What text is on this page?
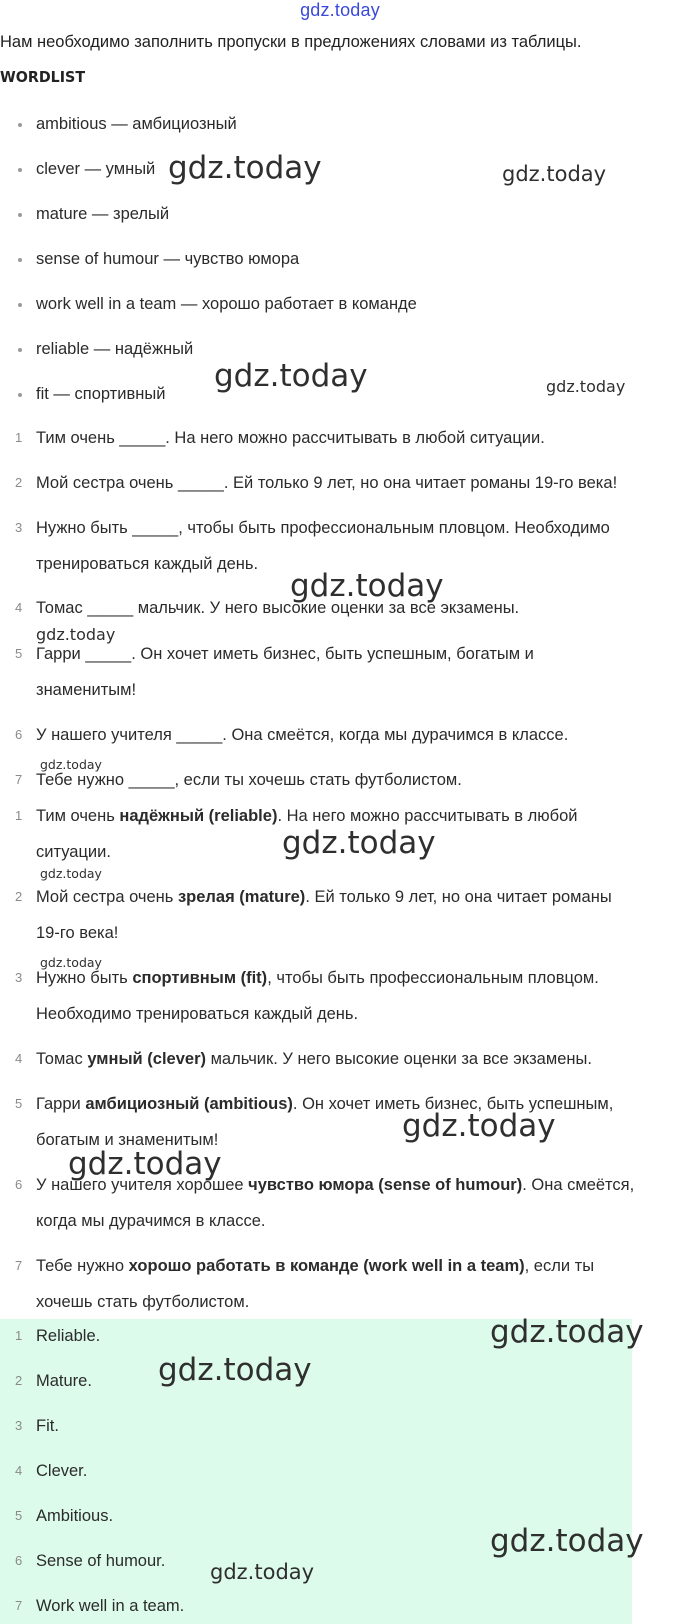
gdz.today
Нам необходимо заполнить пропуски в предложениях словами из таблицы.
WORDLIST
ambitious — амбициозный
clever — умный
mature — зрелый
sense of humour — чувство юмора
work well in a team — хорошо работает в команде
reliable — надёжный
fit — спортивный
1 Тим очень _____. На него можно рассчитывать в любой ситуации.
2 Мой сестра очень _____. Ей только 9 лет, но она читает романы 19-го века!
3 Нужно быть _____, чтобы быть профессиональным пловцом. Необходимо
тренироваться каждый день.
4 Томас _____ мальчик. У него высокие оценки за все экзамены.
5 Гарри _____. Он хочет иметь бизнес, быть успешным, богатым и
знаменитым!
6 У нашего учителя _____. Она смеётся, когда мы дурачимся в классе.
7 Тебе нужно _____, если ты хочешь стать футболистом.
1 Тим очень надёжный (reliable). На него можно рассчитывать в любой
ситуации.
2 Мой сестра очень зрелая (mature). Ей только 9 лет, но она читает романы
19-го века!
3 Нужно быть спортивным (fit), чтобы быть профессиональным пловцом.
Необходимо тренироваться каждый день.
4 Томас умный (clever) мальчик. У него высокие оценки за все экзамены.
5 Гарри амбициозный (ambitious). Он хочет иметь бизнес, быть успешным,
богатым и знаменитым!
6 У нашего учителя хорошее чувство юмора (sense of humour). Она смеётся,
когда мы дурачимся в классе.
7 Тебе нужно хорошо работать в команде (work well in a team), если ты
хочешь стать футболистом.
1 Reliable.
2 Mature.
3 Fit.
4 Clever.
5 Ambitious.
6 Sense of humour.
7 Work well in a team.
gdz.today	gdz.today
gdz.today	gdz.today
gdz.today
gdz.today
gdz.today
gdz.today
gdz.today
gdz.today
gdz.today
gdz.today
gdz.today
gdz.today
gdz.today
gdz.today
